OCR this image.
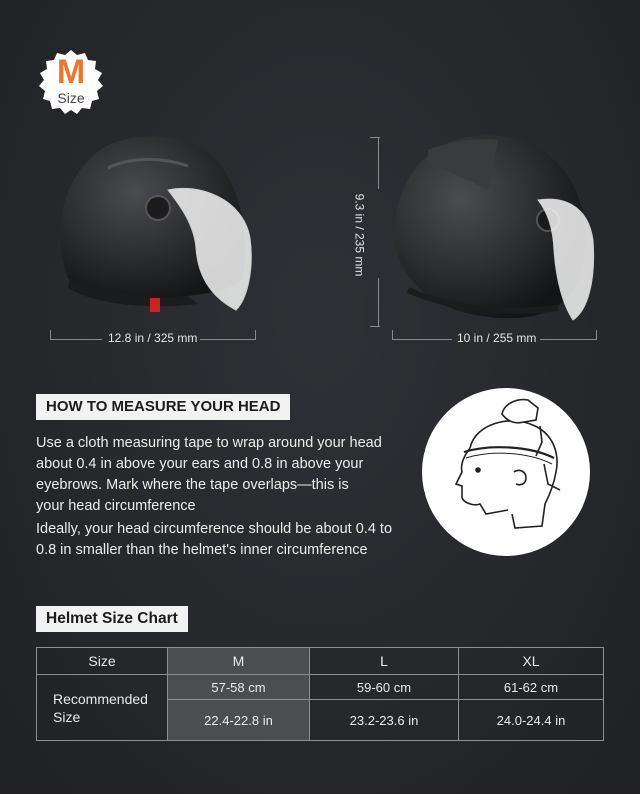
M
Size
12.8 in / 325 mm	10 in / 255 mm
9.3 in / 235 mm
HOW TO MEASURE YOUR HEAD
Use a cloth measuring tape to wrap around your head
about 0.4 in above your ears and 0.8 in above your
eyebrows. Mark where the tape overlaps—this is
your head circumference
Ideally, your head circumference should be about 0.4 to
0.8 in smaller than the helmet's inner circumference
Helmet Size Chart
Size	M	L	XL

Recommended
Size	57-58 cm	59-60 cm	61-62 cm
	22.4-22.8 in	23.2-23.6 in	24.0-24.4 in
